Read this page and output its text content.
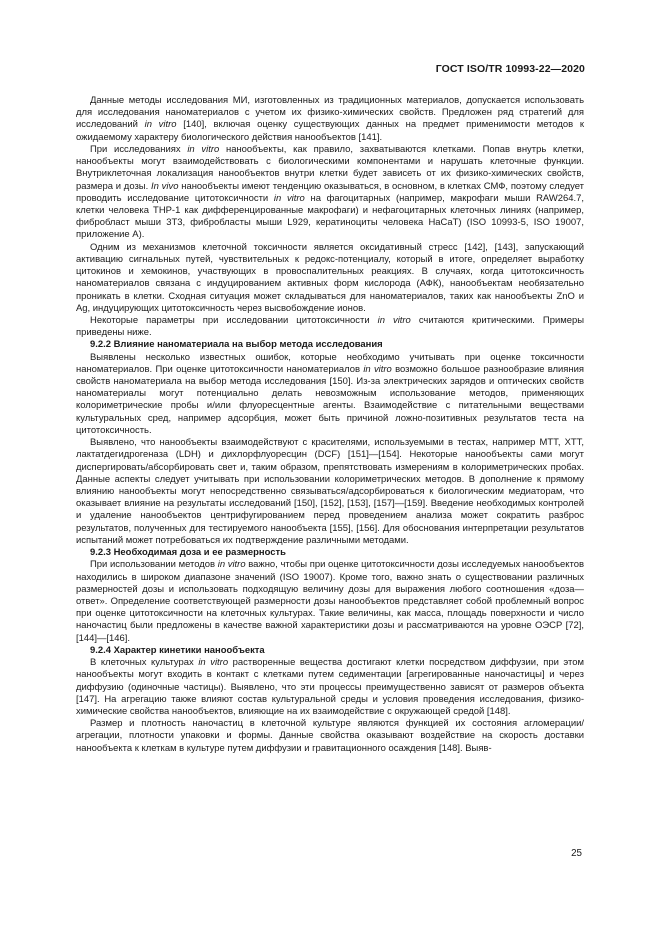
ГОСТ ISO/TR 10993-22—2020

Данные методы исследования МИ, изготовленных из традиционных материалов, допускается использовать для исследования наноматериалов с учетом их физико-химических свойств. Предложен ряд стратегий для исследований in vitro [140], включая оценку существующих данных на предмет применимости методов к ожидаемому характеру биологического действия нанообъектов [141].

При исследованиях in vitro нанообъекты, как правило, захватываются клетками. Попав внутрь клетки, нанообъекты могут взаимодействовать с биологическими компонентами и нарушать клеточные функции. Внутриклеточная локализация нанообъектов внутри клетки будет зависеть от их физико-химических свойств, размера и дозы. In vivo нанообъекты имеют тенденцию оказываться, в основном, в клетках СМФ, поэтому следует проводить исследование цитотоксичности in vitro на фагоцитарных (например, макрофаги мыши RAW264.7, клетки человека THP-1 как дифференцированные макрофаги) и нефагоцитарных клеточных линиях (например, фибробласт мыши 3T3, фибробласты мыши L929, кератиноциты человека HaCaT) (ISO 10993-5, ISO 19007, приложение А).

Одним из механизмов клеточной токсичности является оксидативный стресс [142], [143], запускающий активацию сигнальных путей, чувствительных к редокс-потенциалу, который в итоге, определяет выработку цитокинов и хемокинов, участвующих в провоспалительных реакциях. В случаях, когда цитотоксичность наноматериалов связана с индуцированием активных форм кислорода (АФК), нанообъектам необязательно проникать в клетки. Сходная ситуация может складываться для наноматериалов, таких как нанообъекты ZnO и Ag, индуцирующих цитотоксичность через высвобождение ионов.

Некоторые параметры при исследовании цитотоксичности in vitro считаются критическими. Примеры приведены ниже.

9.2.2 Влияние наноматериала на выбор метода исследования

Выявлены несколько известных ошибок, которые необходимо учитывать при оценке токсичности наноматериалов. При оценке цитотоксичности наноматериалов in vitro возможно большое разнообразие влияния свойств наноматериала на выбор метода исследования [150]. Из-за электрических зарядов и оптических свойств наноматериалы могут потенциально делать невозможным использование методов, применяющих колориметрические пробы и/или флуоресцентные агенты. Взаимодействие с питательными веществами культуральных сред, например адсорбция, может быть причиной ложно-позитивных результатов теста на цитотоксичность.

Выявлено, что нанообъекты взаимодействуют с красителями, используемыми в тестах, например MTT, XTT, лактатдегидрогеназа (LDH) и дихлорфлуоресцин (DCF) [151]—[154]. Некоторые нанообъекты сами могут диспергировать/абсорбировать свет и, таким образом, препятствовать измерениям в колориметрических пробах. Данные аспекты следует учитывать при использовании колориметрических методов. В дополнение к прямому влиянию нанообъекты могут непосредственно связываться/адсорбироваться к биологическим медиаторам, что оказывает влияние на результаты исследований [150], [152], [153], [157]—[159]. Введение необходимых контролей и удаление нанообъектов центрифугированием перед проведением анализа может сократить разброс результатов, полученных для тестируемого нанообъекта [155], [156]. Для обоснования интерпретации результатов испытаний может потребоваться их подтверждение различными методами.

9.2.3 Необходимая доза и ее размерность

При использовании методов in vitro важно, чтобы при оценке цитотоксичности дозы исследуемых нанообъектов находились в широком диапазоне значений (ISO 19007). Кроме того, важно знать о существовании различных размерностей дозы и использовать подходящую величину дозы для выражения любого соотношения «доза—ответ». Определение соответствующей размерности дозы нанообъектов представляет собой проблемный вопрос при оценке цитотоксичности на клеточных культурах. Такие величины, как масса, площадь поверхности и число наночастиц были предложены в качестве важной характеристики дозы и рассматриваются на уровне ОЭСР [72], [144]—[146].

9.2.4 Характер кинетики нанообъекта

В клеточных культурах in vitro растворенные вещества достигают клетки посредством диффузии, при этом нанообъекты могут входить в контакт с клетками путем седиментации [агрегированные наночастицы] и через диффузию (одиночные частицы). Выявлено, что эти процессы преимущественно зависят от размеров объекта [147]. На агрегацию также влияют состав культуральной среды и условия проведения исследования, физико-химические свойства нанообъектов, влияющие на их взаимодействие с окружающей средой [148].

Размер и плотность наночастиц в клеточной культуре являются функцией их состояния агломерации/агрегации, плотности упаковки и формы. Данные свойства оказывают воздействие на скорость доставки нанообъекта к клеткам в культуре путем диффузии и гравитационного осаждения [148]. Выяв-

25
